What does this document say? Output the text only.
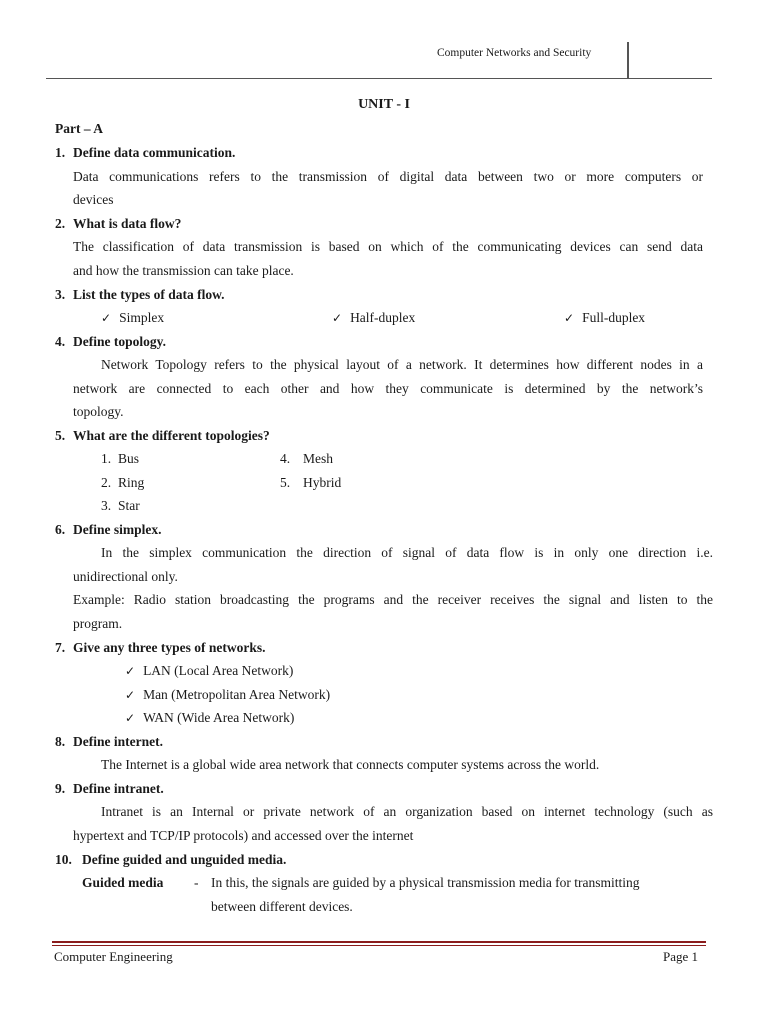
Computer Networks and Security
UNIT - I
Part – A
1. Define data communication.
Data communications refers to the transmission of digital data between two or more computers or
devices
2. What is data flow?
The classification of data transmission is based on which of the communicating devices can send data
and how the transmission can take place.
3. List the types of data flow.
✓ Simplex	✓ Half-duplex	✓ Full-duplex
4. Define topology.
Network Topology refers to the physical layout of a network. It determines how different nodes in a
network are connected to each other and how they communicate is determined by the network’s
topology.
5. What are the different topologies?
1. Bus
2. Ring
3. Star
4. Mesh
5. Hybrid
6. Define simplex.
In the simplex communication the direction of signal of data flow is in only one direction i.e.
unidirectional only.
Example: Radio station broadcasting the programs and the receiver receives the signal and listen to the
program.
7. Give any three types of networks.
✓ LAN (Local Area Network)
✓ Man (Metropolitan Area Network)
✓ WAN (Wide Area Network)
8. Define internet.
The Internet is a global wide area network that connects computer systems across the world.
9. Define intranet.
Intranet is an Internal or private network of an organization based on internet technology (such as
hypertext and TCP/IP protocols) and accessed over the internet
10. Define guided and unguided media.
Guided media - In this, the signals are guided by a physical transmission media for transmitting
between different devices.
Computer Engineering	Page 1
